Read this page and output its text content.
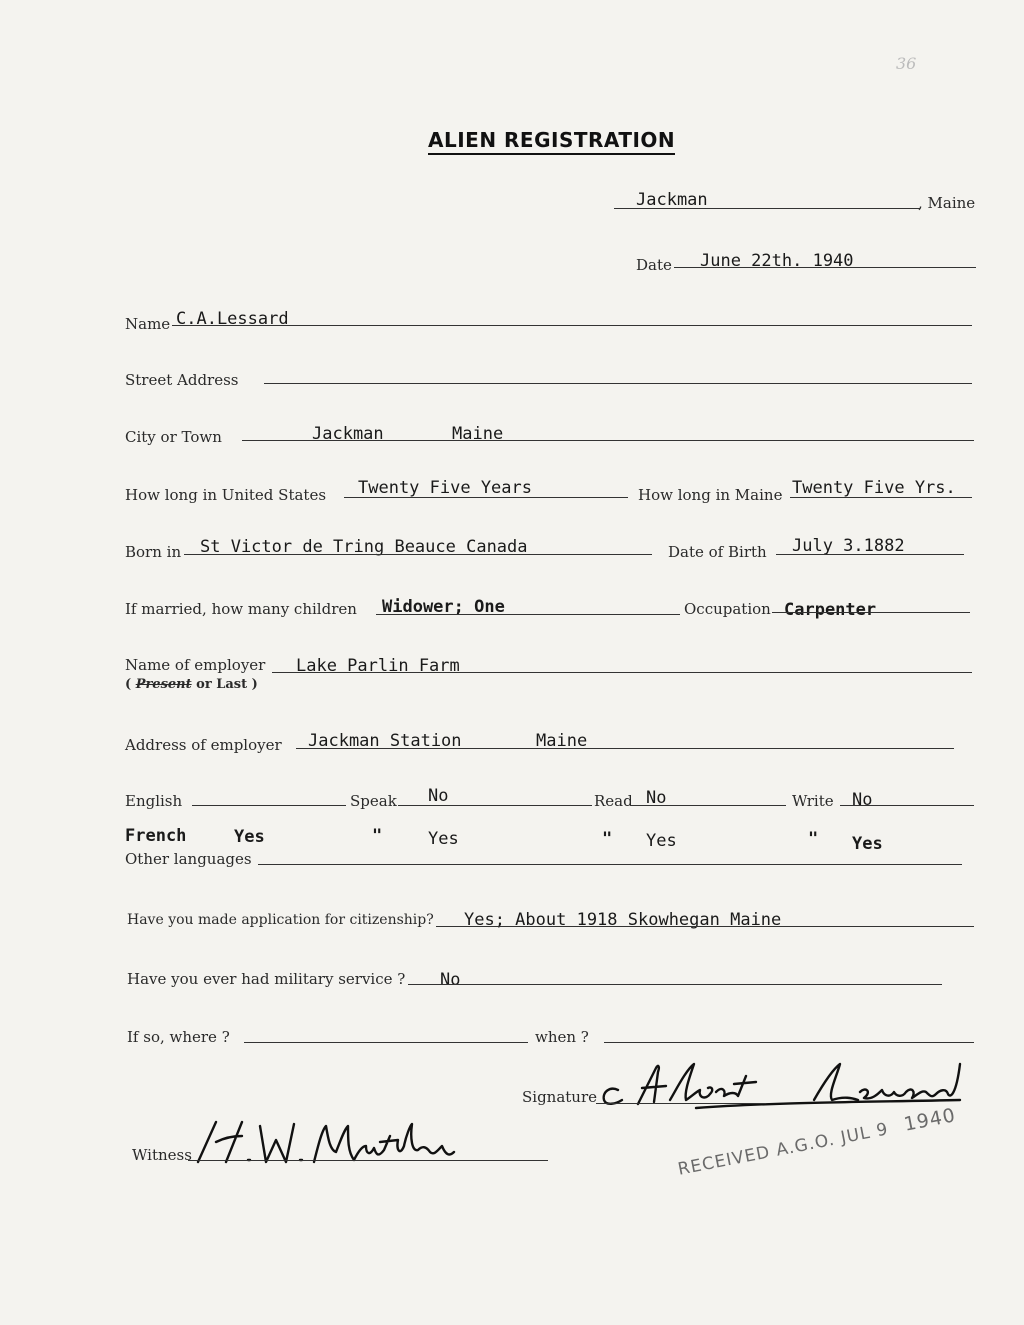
36
ALIEN REGISTRATION
Jackman	, Maine
Date June 22th. 1940
Name C.A.Lessard
Street Address
City or Town	Jackman	Maine
How long in United States Twenty Five Years	How long in Maine Twenty Five Yrs.
Born in St Victor de Tring Beauce Canada	Date of Birth July 3.1882
If married, how many children Widower; One	Occupation Carpenter
Name of employer
( Present or Last )
Lake Parlin Farm
Address of employer Jackman Station	Maine
English	Speak No	Read No	Write No
French	Yes	"	Yes	" Yes	" Yes
Other languages
Have you made application for citizenship? Yes; About 1918 Skowhegan Maine
Have you ever had military service ? No
If so, where ?	when ?
Signature
Witness	RECEIVED A.G.O. JUL 9 1940
